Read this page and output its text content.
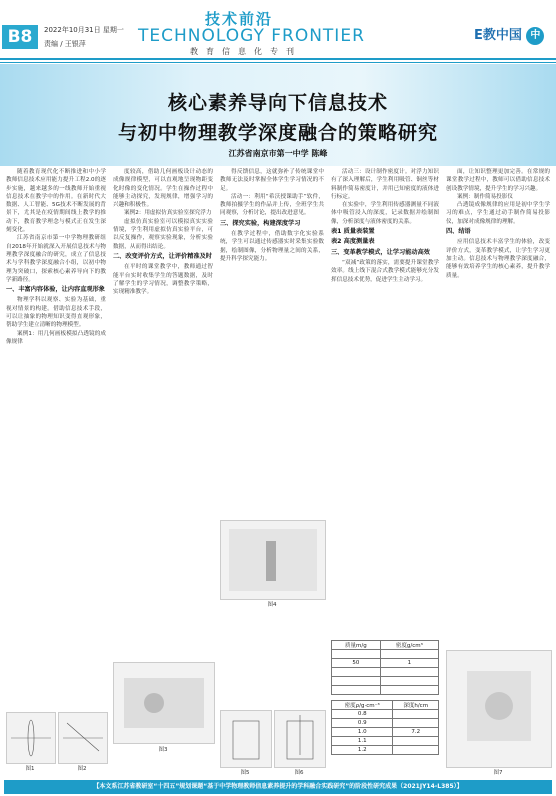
B8	2022年10月31日 星期一
责编 / 王银萍
技术前沿
TECHNOLOGY FRONTIER
教育信息化专刊
E教中国 中
核心素养导向下信息技术
与初中物理教学深度融合的策略研究
江苏省南京市第一中学 陈峰

随着教育现代化不断推进和中小学教师信息技术应用能力提升工程2.0的逐步实施，越来越多的一线教师开始重视信息技术在教学中的作用。在新时代大数据、人工智能、5G技术不断发展的背景下，尤其是在疫情期间线上教学的推动下，教育教学理念与模式正在发生深刻变化。

江苏省南京市第一中学物理教研组自2018年开始就深入开展信息技术与物理教学深度融合的研究，成立了信息技术与学科教学深度融合小组，以初中物理为突破口，探索核心素养导向下的教学新路径。

一、丰富内容体验，让内容直观形象

物理学科以观察、实验为基础，重视对情景的构建。借助信息技术手段，可以让抽象的物理知识变得直观形象，帮助学生建立清晰的物理模型。

案例1：用几何画板模拟凸透镜的成像规律

度较高，借助几何画板设计动态的成像规律模型，可以直观地呈现物距变化时像的变化情况。学生在操作过程中能够主动探究，发现规律，增强学习的兴趣和积极性。

案例2：用虚拟仿真实验室探究浮力

虚拟仿真实验室可以模拟真实实验情境，学生利用虚拟仿真实验平台，可以反复操作，观察实验现象，分析实验数据，从而得出结论。

二、改变评价方式，让评价精准及时

在平时的课堂教学中，教师通过智能平台实时收集学生的答题数据，及时了解学生的学习情况，调整教学策略，实现精准教学。

得反馈信息，这就弥补了传统课堂中教师无法及时掌握全体学生学习情况的不足。

活动一：利用“希沃授课助手”软件，教师拍摄学生的作品并上传，全班学生共同观察，分析讨论，提出改进意见。

三、探究实验，构建深度学习

在教学过程中，借助数字化实验系统，学生可以通过传感器实时采集实验数据，绘制图像，分析物理量之间的关系，提升科学探究能力。

活动三：设计制作密度计。对浮力知识有了深入理解后，学生利用吸管、铜丝等材料制作简易密度计，并用已知密度的液体进行标定。

在实验中，学生利用传感器测量不同液体中吸管浸入的深度，记录数据并绘制图像，分析深度与液体密度的关系。

表1 质量表装置
表2 高度测量表
三、变革教学模式，让学习能动高效

“双减”政策的落实，需要提升课堂教学效率。线上线下混合式教学模式能够充分发挥信息技术优势，促进学生主动学习。

面，让知识整理更加完善。在常规的课堂教学过程中，教师可以借助信息技术创设教学情境，提升学生的学习兴趣。

案例：制作简易投影仪

凸透镜成像规律的应用是初中学生学习的难点，学生通过动手制作简易投影仪，加深对成像规律的理解。

四、结语

应用信息技术丰富学生的体验，改变评价方式，变革教学模式，让学生学习更加主动。信息技术与物理教学深度融合，能够有效培养学生的核心素养，提升教学质量。

图1	图2
图3
图4
图5	图6	图7
质量m/g	密度g/cm³

50	1

密度ρ/g·cm⁻³	深度h/cm
0.8	
0.9	
1.0	7.2
1.1	
1.2	
【本文系江苏省教研室“十四五”规划课题“基于中学物理教师信息素养提升的学科融合实践研究”的阶段性研究成果（2021JY14-L385）】
